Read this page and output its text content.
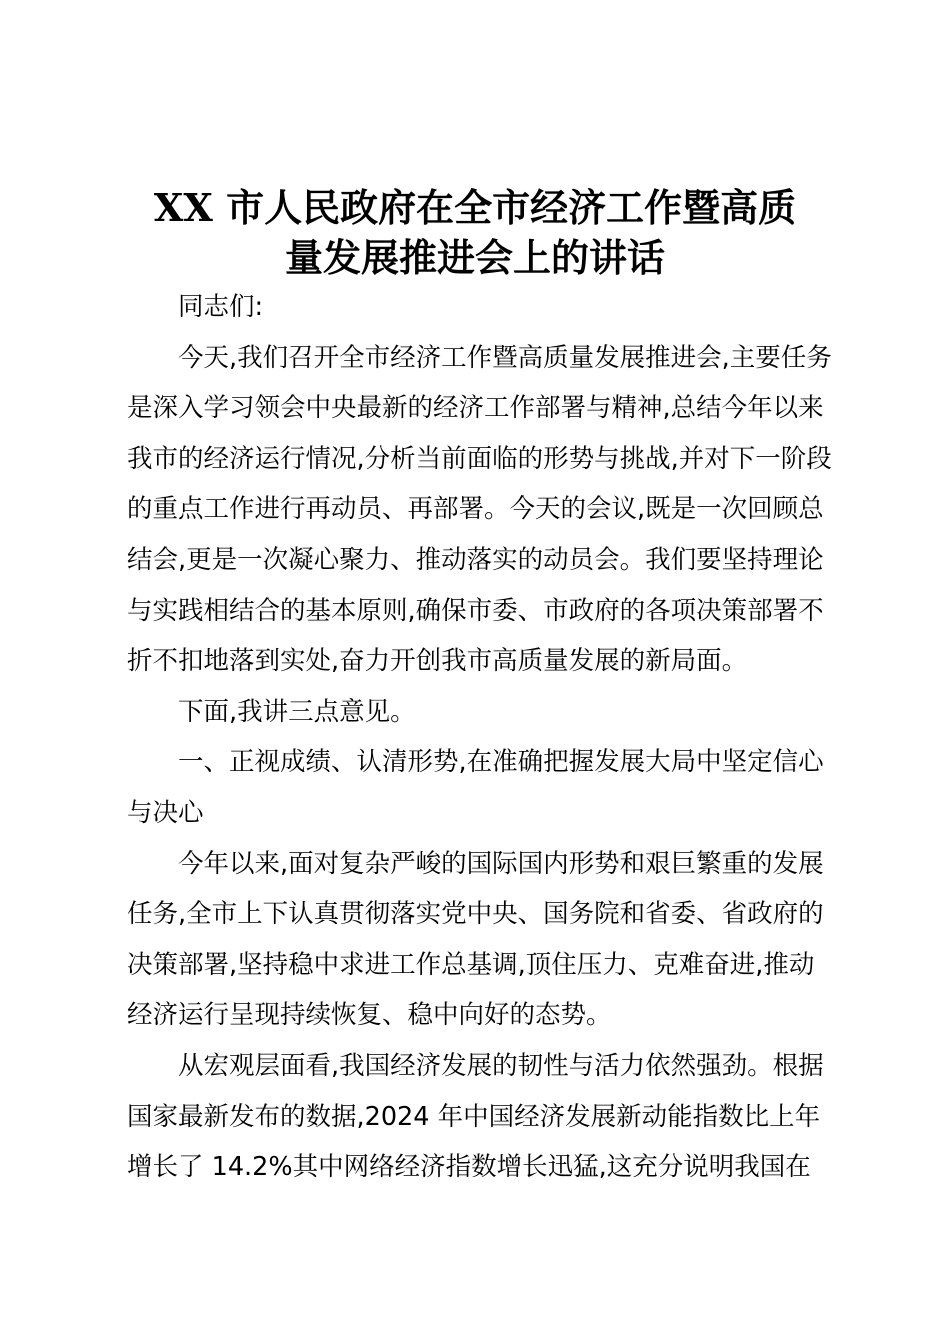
XX 市人民政府在全市经济工作暨高质
量发展推进会上的讲话
同志们:
今天,我们召开全市经济工作暨高质量发展推进会,主要任务
是深入学习领会中央最新的经济工作部署与精神,总结今年以来
我市的经济运行情况,分析当前面临的形势与挑战,并对下一阶段
的重点工作进行再动员、再部署。今天的会议,既是一次回顾总
结会,更是一次凝心聚力、推动落实的动员会。我们要坚持理论
与实践相结合的基本原则,确保市委、市政府的各项决策部署不
折不扣地落到实处,奋力开创我市高质量发展的新局面。
下面,我讲三点意见。
一、正视成绩、认清形势,在准确把握发展大局中坚定信心
与决心
今年以来,面对复杂严峻的国际国内形势和艰巨繁重的发展
任务,全市上下认真贯彻落实党中央、国务院和省委、省政府的
决策部署,坚持稳中求进工作总基调,顶住压力、克难奋进,推动
经济运行呈现持续恢复、稳中向好的态势。
从宏观层面看,我国经济发展的韧性与活力依然强劲。根据
国家最新发布的数据,2024 年中国经济发展新动能指数比上年
增长了 14.2%其中网络经济指数增长迅猛,这充分说明我国在
